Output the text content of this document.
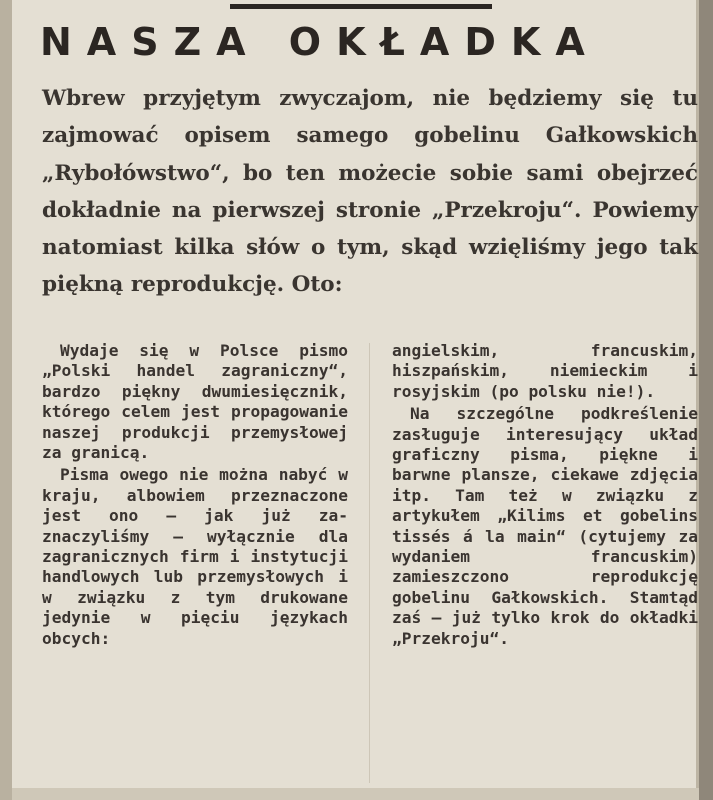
NASZA OKŁADKA
Wbrew przyjętym zwyczajom, nie będziemy się tu zajmować opisem samego gobelinu Gałkowskich „Rybołówstwo“, bo ten możecie sobie sami obejrzeć dokładnie na pierwszej stronie „Przekroju“. Powiemy natomiast kilka słów o tym, skąd wzięliśmy jego tak piękną reprodukcję. Oto:

Wydaje się w Polsce pismo „Polski handel zagraniczny“, bardzo piękny dwumiesięcznik, którego celem jest propagowanie naszej produkcji przemysłowej za granicą.

Pisma owego nie można nabyć w kraju, albowiem przeznaczone jest ono — jak już zaznaczyliśmy — wyłącznie dla zagranicznych firm i instytucji handlowych lub przemysłowych i w związku z tym drukowane jedynie w pięciu językach obcych:

angielskim, francuskim, hiszpańskim, niemieckim i rosyjskim (po polsku nie!).

Na szczególne podkreślenie zasługuje interesujący układ graficzny pisma, piękne i barwne plansze, ciekawe zdjęcia itp. Tam też w związku z artykułem „Kilims et gobelins tissés á la main“ (cytujemy za wydaniem francuskim) zamieszczono reprodukcję gobelinu Gałkowskich. Stamtąd zaś — już tylko krok do okładki „Przekroju“.
